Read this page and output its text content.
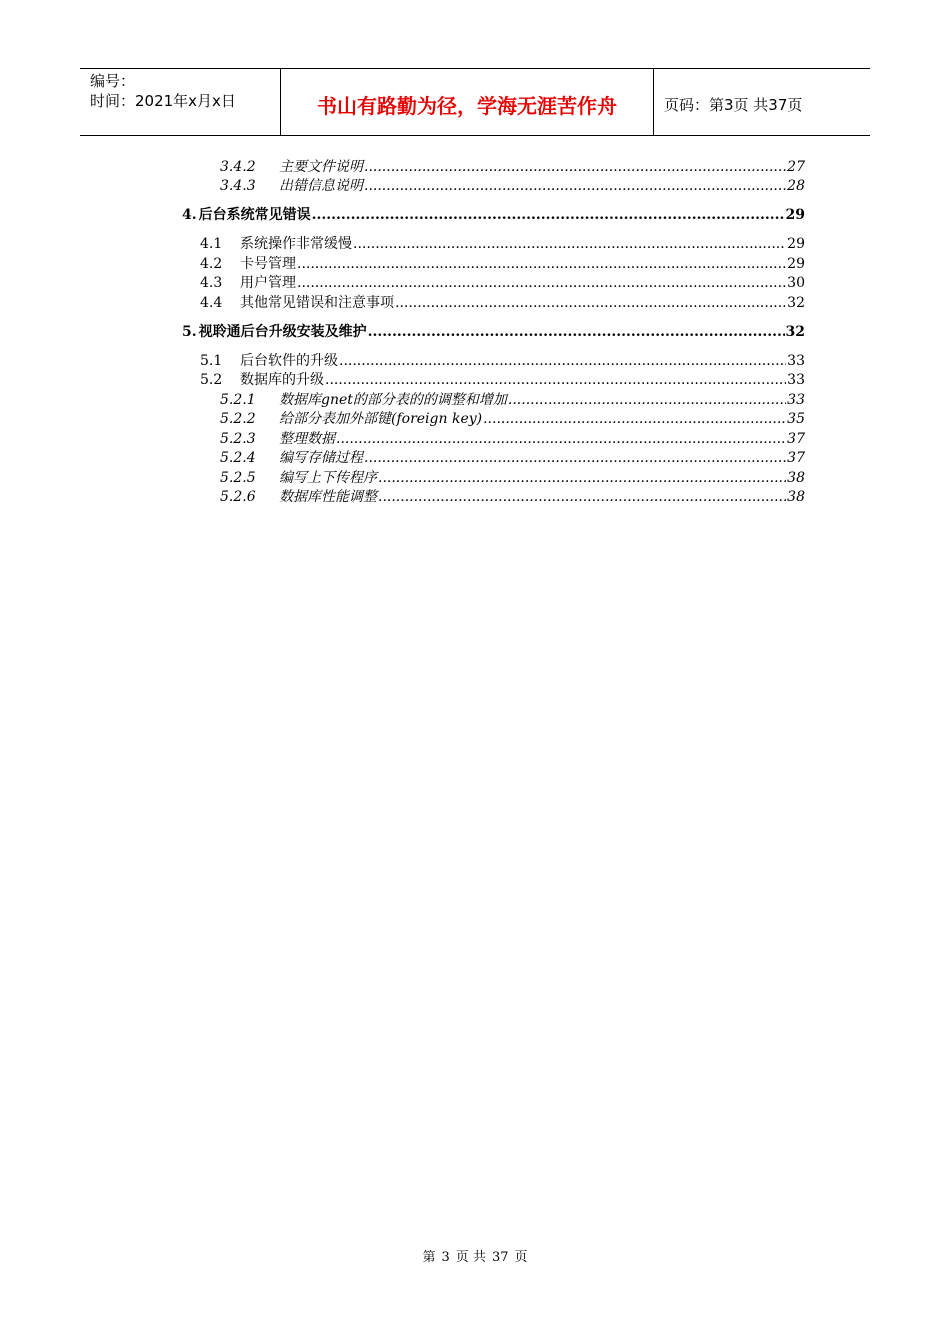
编号：
时间：2021年x月x日	书山有路勤为径，学海无涯苦作舟	页码：第3页 共37页
3.4.2	主要文件说明 .....	27
3.4.3	出错信息说明 .....	28
4. 后台系统常见错误 .....	29
4.1	系统操作非常缓慢 .....	29
4.2	卡号管理 .....	29
4.3	用户管理 .....	30
4.4	其他常见错误和注意事项 .....	32
5. 视聆通后台升级安装及维护 .....	32
5.1	后台软件的升级 .....	33
5.2	数据库的升级 .....	33
5.2.1	数据库gnet的部分表的的调整和增加 .....	33
5.2.2	给部分表加外部键(foreign key) .....	35
5.2.3	整理数据 .....	37
5.2.4	编写存储过程 .....	37
5.2.5	编写上下传程序 .....	38
5.2.6	数据库性能调整 .....	38
第 3 页 共 37 页
